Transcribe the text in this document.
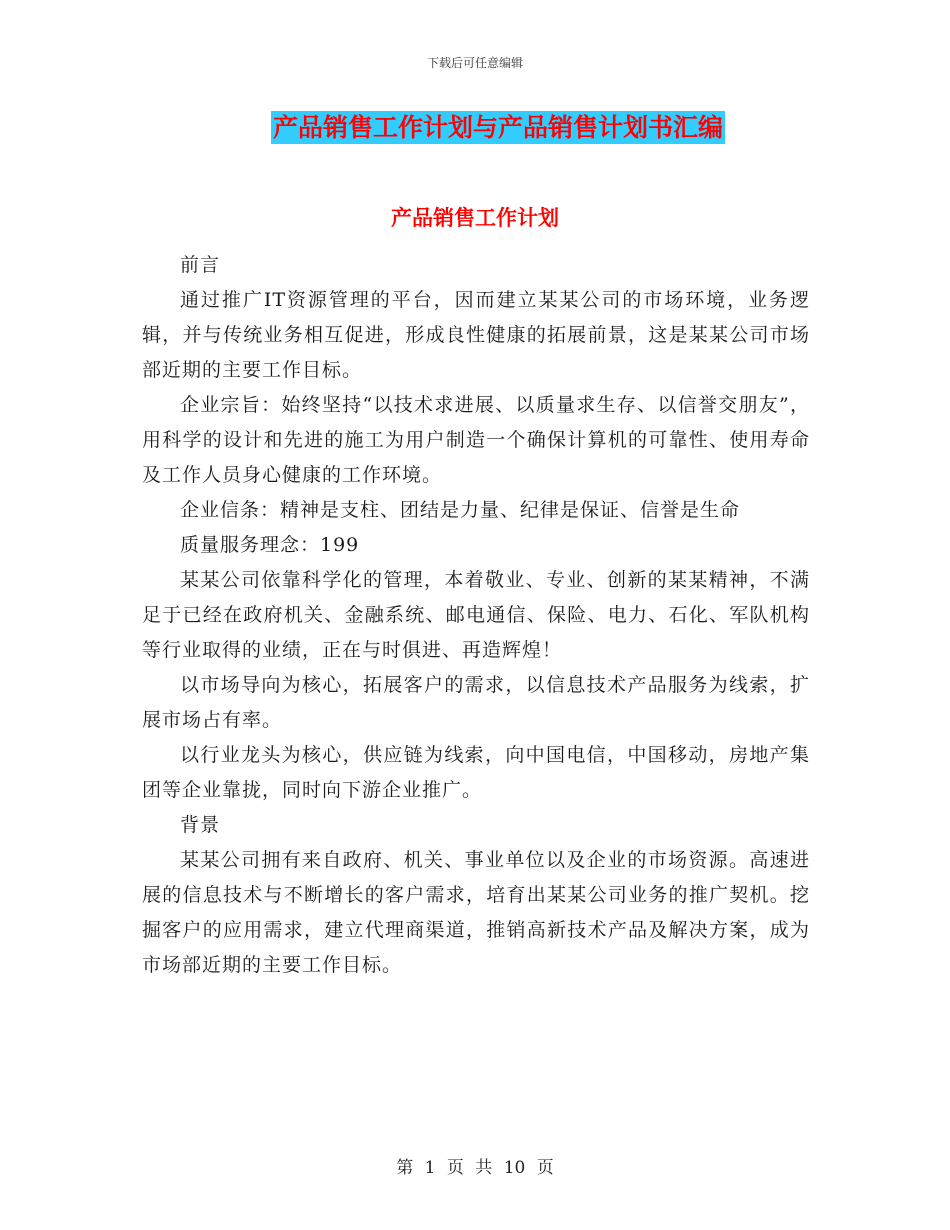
下载后可任意编辑
产品销售工作计划与产品销售计划书汇编
产品销售工作计划

前言

通过推广IT资源管理的平台，因而建立某某公司的市场环境，业务逻辑，并与传统业务相互促进，形成良性健康的拓展前景，这是某某公司市场部近期的主要工作目标。

企业宗旨：始终坚持“以技术求进展、以质量求生存、以信誉交朋友”，用科学的设计和先进的施工为用户制造一个确保计算机的可靠性、使用寿命及工作人员身心健康的工作环境。

企业信条：精神是支柱、团结是力量、纪律是保证、信誉是生命

质量服务理念：199

某某公司依靠科学化的管理，本着敬业、专业、创新的某某精神，不满足于已经在政府机关、金融系统、邮电通信、保险、电力、石化、军队机构等行业取得的业绩，正在与时俱进、再造辉煌！

以市场导向为核心，拓展客户的需求，以信息技术产品服务为线索，扩展市场占有率。

以行业龙头为核心，供应链为线索，向中国电信，中国移动，房地产集团等企业靠拢，同时向下游企业推广。

背景

某某公司拥有来自政府、机关、事业单位以及企业的市场资源。高速进展的信息技术与不断增长的客户需求，培育出某某公司业务的推广契机。挖掘客户的应用需求，建立代理商渠道，推销高新技术产品及解决方案，成为市场部近期的主要工作目标。

第 1 页 共 10 页
